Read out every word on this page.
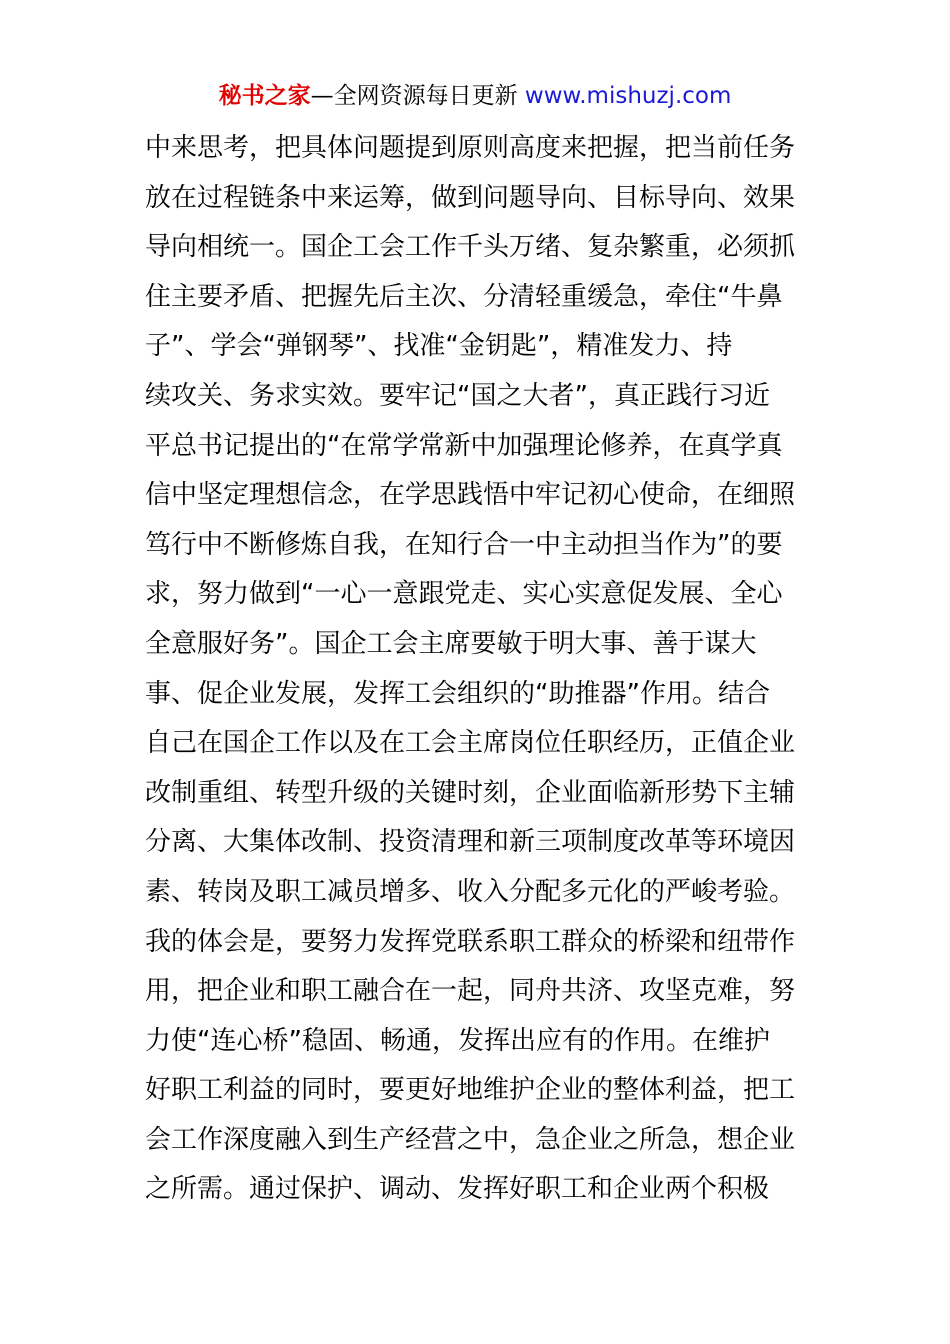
秘书之家—全网资源每日更新 www.mishuzj.com
中来思考，把具体问题提到原则高度来把握，把当前任务
放在过程链条中来运筹，做到问题导向、目标导向、效果
导向相统一。国企工会工作千头万绪、复杂繁重，必须抓
住主要矛盾、把握先后主次、分清轻重缓急，牵住“牛鼻
子”、学会“弹钢琴”、找准“金钥匙”，精准发力、持
续攻关、务求实效。要牢记“国之大者”，真正践行习近
平总书记提出的“在常学常新中加强理论修养，在真学真
信中坚定理想信念，在学思践悟中牢记初心使命，在细照
笃行中不断修炼自我，在知行合一中主动担当作为”的要
求，努力做到“一心一意跟党走、实心实意促发展、全心
全意服好务”。国企工会主席要敏于明大事、善于谋大
事、促企业发展，发挥工会组织的“助推器”作用。结合
自己在国企工作以及在工会主席岗位任职经历，正值企业
改制重组、转型升级的关键时刻，企业面临新形势下主辅
分离、大集体改制、投资清理和新三项制度改革等环境因
素、转岗及职工减员增多、收入分配多元化的严峻考验。
我的体会是，要努力发挥党联系职工群众的桥梁和纽带作
用，把企业和职工融合在一起，同舟共济、攻坚克难，努
力使“连心桥”稳固、畅通，发挥出应有的作用。在维护
好职工利益的同时，要更好地维护企业的整体利益，把工
会工作深度融入到生产经营之中，急企业之所急，想企业
之所需。通过保护、调动、发挥好职工和企业两个积极
